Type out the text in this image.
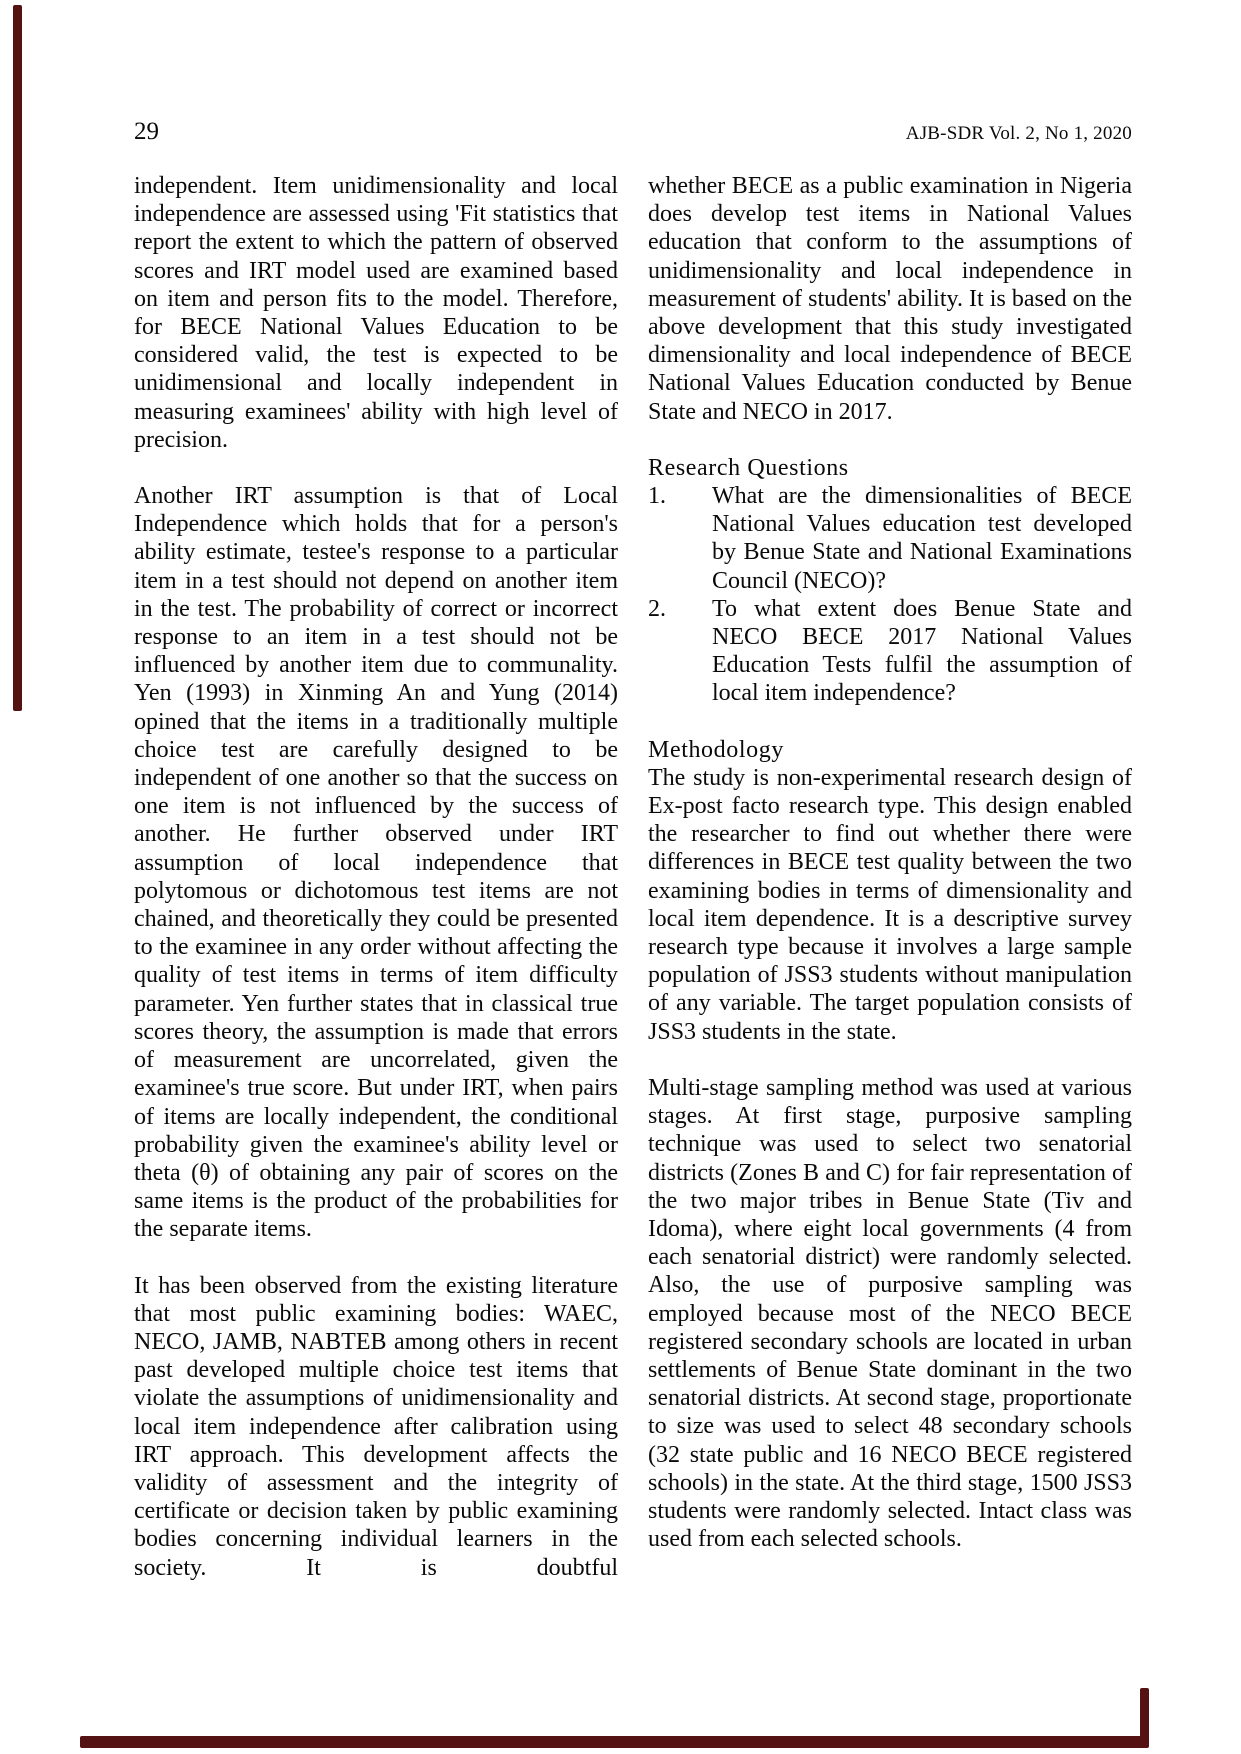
29	AJB-SDR Vol. 2, No 1, 2020

independent. Item unidimensionality and local independence are assessed using 'Fit statistics that report the extent to which the pattern of observed scores and IRT model used are examined based on item and person fits to the model. Therefore, for BECE National Values Education to be considered valid, the test is expected to be unidimensional and locally independent in measuring examinees' ability with high level of precision.

Another IRT assumption is that of Local Independence which holds that for a person's ability estimate, testee's response to a particular item in a test should not depend on another item in the test. The probability of correct or incorrect response to an item in a test should not be influenced by another item due to communality. Yen (1993) in Xinming An and Yung (2014) opined that the items in a traditionally multiple choice test are carefully designed to be independent of one another so that the success on one item is not influenced by the success of another. He further observed under IRT assumption of local independence that polytomous or dichotomous test items are not chained, and theoretically they could be presented to the examinee in any order without affecting the quality of test items in terms of item difficulty parameter. Yen further states that in classical true scores theory, the assumption is made that errors of measurement are uncorrelated, given the examinee's true score. But under IRT, when pairs of items are locally independent, the conditional probability given the examinee's ability level or theta (θ) of obtaining any pair of scores on the same items is the product of the probabilities for the separate items.

It has been observed from the existing literature that most public examining bodies: WAEC, NECO, JAMB, NABTEB among others in recent past developed multiple choice test items that violate the assumptions of unidimensionality and local item independence after calibration using IRT approach. This development affects the validity of assessment and the integrity of certificate or decision taken by public examining bodies concerning individual learners in the society. It is doubtful

whether BECE as a public examination in Nigeria does develop test items in National Values education that conform to the assumptions of unidimensionality and local independence in measurement of students' ability. It is based on the above development that this study investigated dimensionality and local independence of BECE National Values Education conducted by Benue State and NECO in 2017.

Research Questions
1.	What are the dimensionalities of BECE National Values education test developed by Benue State and National Examinations Council (NECO)?
2.	To what extent does Benue State and NECO BECE 2017 National Values Education Tests fulfil the assumption of local item independence?
Methodology

The study is non-experimental research design of Ex-post facto research type. This design enabled the researcher to find out whether there were differences in BECE test quality between the two examining bodies in terms of dimensionality and local item dependence. It is a descriptive survey research type because it involves a large sample population of JSS3 students without manipulation of any variable. The target population consists of JSS3 students in the state.

Multi-stage sampling method was used at various stages. At first stage, purposive sampling technique was used to select two senatorial districts (Zones B and C) for fair representation of the two major tribes in Benue State (Tiv and Idoma), where eight local governments (4 from each senatorial district) were randomly selected. Also, the use of purposive sampling was employed because most of the NECO BECE registered secondary schools are located in urban settlements of Benue State dominant in the two senatorial districts. At second stage, proportionate to size was used to select 48 secondary schools (32 state public and 16 NECO BECE registered schools) in the state. At the third stage, 1500 JSS3 students were randomly selected. Intact class was used from each selected schools.
